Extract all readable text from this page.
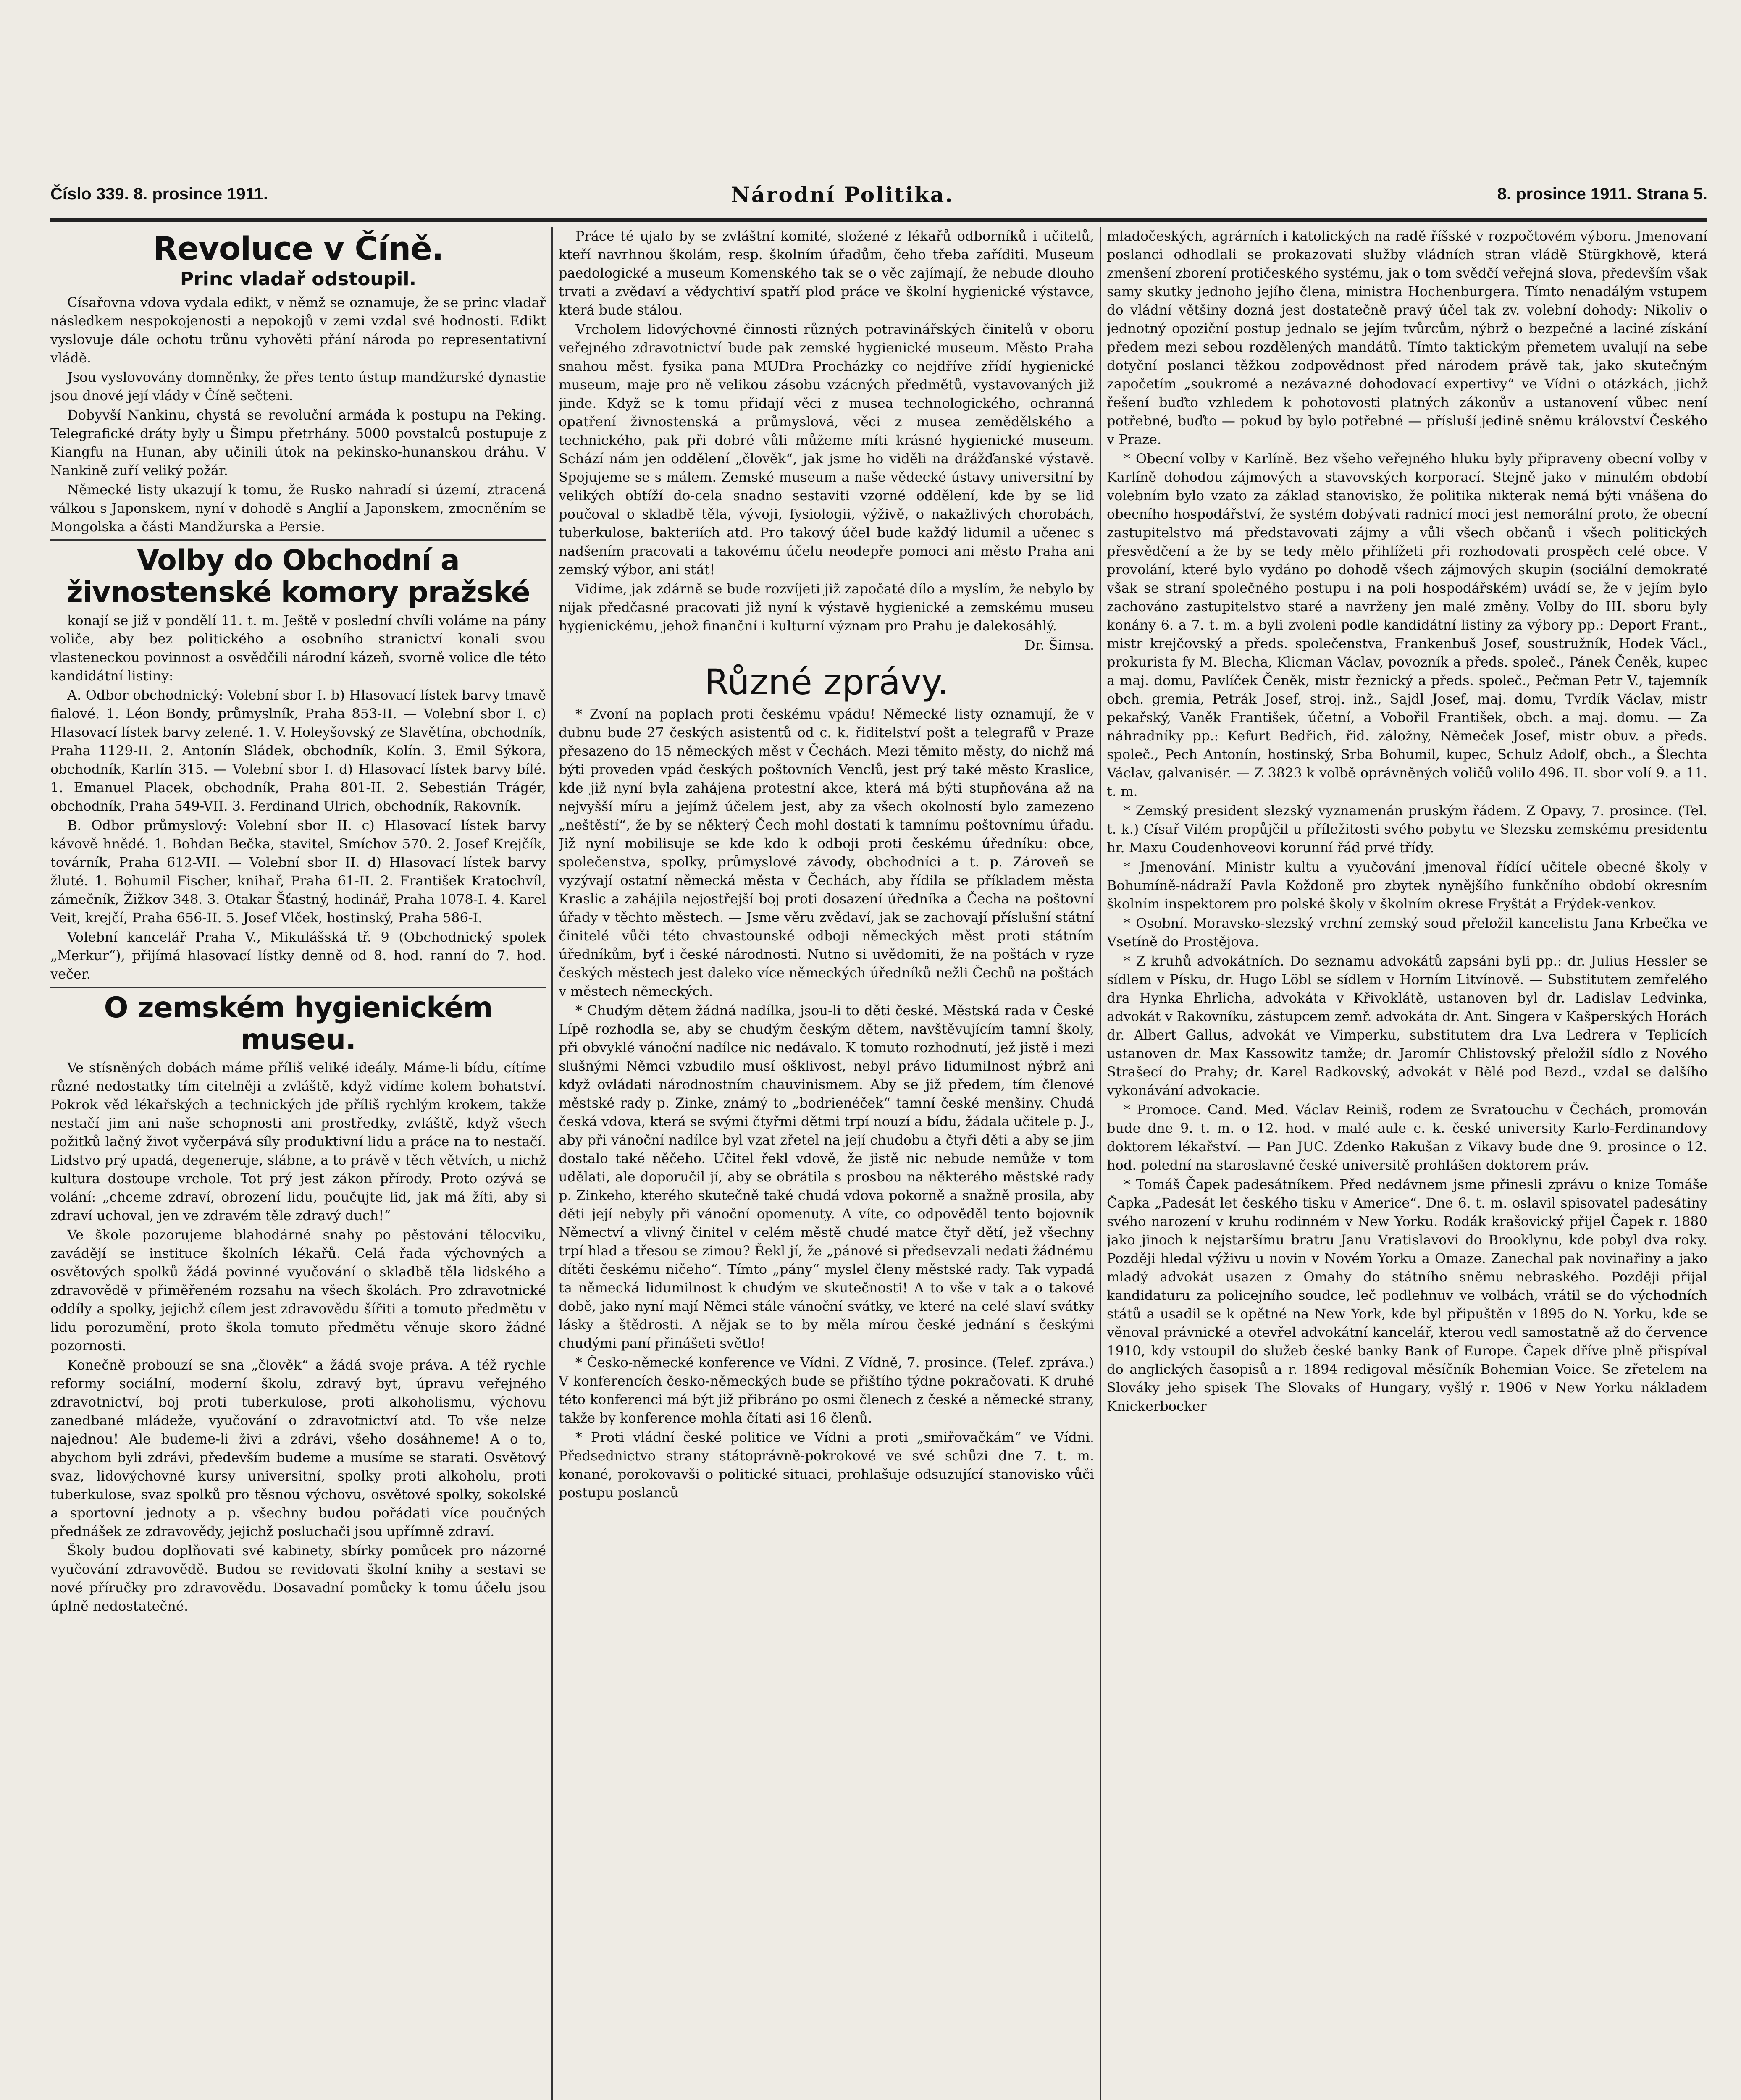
Číslo 339. 8. prosince 1911.	Národní Politika.	8. prosince 1911. Strana 5.
Revoluce v Číně.
Princ vladař odstoupil.

Císařovna vdova vydala edikt, v němž se oznamuje, že se princ vladař následkem nespokojenosti a nepokojů v zemi vzdal své hodnosti. Edikt vyslovuje dále ochotu trůnu vyhověti přání národa po representativní vládě.

Jsou vyslovovány domněnky, že přes tento ústup mandžurské dynastie jsou dnové její vlády v Číně sečteni.

Dobyvší Nankinu, chystá se revoluční armáda k postupu na Peking. Telegrafické dráty byly u Šimpu přetrhány. 5000 povstalců postupuje z Kiangfu na Hunan, aby učinili útok na pekinsko-hunanskou dráhu. V Nankině zuří veliký požár.

Německé listy ukazují k tomu, že Rusko nahradí si území, ztracená válkou s Japonskem, nyní v dohodě s Anglií a Japonskem, zmocněním se Mongolska a části Mandžurska a Persie.

Volby do Obchodní a živnostenské komory pražské

konají se již v pondělí 11. t. m. Ještě v poslední chvíli voláme na pány voliče, aby bez politického a osobního stranictví konali svou vlasteneckou povinnost a osvědčili národní kázeň, svorně volice dle této kandidátní listiny:

A. Odbor obchodnický: Volební sbor I. b) Hlasovací lístek barvy tmavě fialové. 1. Léon Bondy, průmyslník, Praha 853-II. — Volební sbor I. c) Hlasovací lístek barvy zelené. 1. V. Holeyšovský ze Slavětína, obchodník, Praha 1129-II. 2. Antonín Sládek, obchodník, Kolín. 3. Emil Sýkora, obchodník, Karlín 315. — Volební sbor I. d) Hlasovací lístek barvy bílé. 1. Emanuel Placek, obchodník, Praha 801-II. 2. Sebestián Trágér, obchodník, Praha 549-VII. 3. Ferdinand Ulrich, obchodník, Rakovník.

B. Odbor průmyslový: Volební sbor II. c) Hlasovací lístek barvy kávově hnědé. 1. Bohdan Bečka, stavitel, Smíchov 570. 2. Josef Krejčík, továrník, Praha 612-VII. — Volební sbor II. d) Hlasovací lístek barvy žluté. 1. Bohumil Fischer, knihař, Praha 61-II. 2. František Kratochvíl, zámečník, Žižkov 348. 3. Otakar Šťastný, hodinář, Praha 1078-I. 4. Karel Veit, krejčí, Praha 656-II. 5. Josef Vlček, hostinský, Praha 586-I.

Volební kancelář Praha V., Mikulášská tř. 9 (Obchodnický spolek „Merkur“), přijímá hlasovací lístky denně od 8. hod. ranní do 7. hod. večer.

O zemském hygienickém museu.

Ve stísněných dobách máme příliš veliké ideály. Máme-li bídu, cítíme různé nedostatky tím citelněji a zvláště, když vidíme kolem bohatství. Pokrok věd lékařských a technických jde příliš rychlým krokem, takže nestačí jim ani naše schopnosti ani prostředky, zvláště, když všech požitků lačný život vyčerpává síly produktivní lidu a práce na to nestačí. Lidstvo prý upadá, degeneruje, slábne, a to právě v těch větvích, u nichž kultura dostoupe vrchole. Tot prý jest zákon přírody. Proto ozývá se volání: „chceme zdraví, obrození lidu, poučujte lid, jak má žíti, aby si zdraví uchoval, jen ve zdravém těle zdravý duch!“

Ve škole pozorujeme blahodárné snahy po pěstování tělocviku, zavádějí se instituce školních lékařů. Celá řada výchovných a osvětových spolků žádá povinné vyučování o skladbě těla lidského a zdravovědě v přiměřeném rozsahu na všech školách. Pro zdravotnické oddíly a spolky, jejichž cílem jest zdravovědu šířiti a tomuto předmětu v lidu porozumění, proto škola tomuto předmětu věnuje skoro žádné pozornosti.

Konečně probouzí se sna „člověk“ a žádá svoje práva. A též rychle reformy sociální, moderní školu, zdravý byt, úpravu veřejného zdravotnictví, boj proti tuberkulose, proti alkoholismu, výchovu zanedbané mládeže, vyučování o zdravotnictví atd. To vše nelze najednou! Ale budeme-li živi a zdrávi, všeho dosáhneme! A o to, abychom byli zdrávi, především budeme a musíme se starati. Osvětový svaz, lidovýchovné kursy universitní, spolky proti alkoholu, proti tuberkulose, svaz spolků pro těsnou výchovu, osvětové spolky, sokolské a sportovní jednoty a p. všechny budou pořádati více poučných přednášek ze zdravovědy, jejichž posluchači jsou upřímně zdraví.

Školy budou doplňovati své kabinety, sbírky pomůcek pro názorné vyučování zdravovědě. Budou se revidovati školní knihy a sestavi se nové příručky pro zdravovědu. Dosavadní pomůcky k tomu účelu jsou úplně nedostatečné.

Práce té ujalo by se zvláštní komité, složené z lékařů odborníků i učitelů, kteří navrhnou školám, resp. školním úřadům, čeho třeba zaříditi. Museum paedologické a museum Komenského tak se o věc zajímají, že nebude dlouho trvati a zvědaví a vědychtiví spatří plod práce ve školní hygienické výstavce, která bude stálou.

Vrcholem lidovýchovné činnosti různých potravinářských činitelů v oboru veřejného zdravotnictví bude pak zemské hygienické museum. Město Praha snahou měst. fysika pana MUDra Procházky co nejdříve zřídí hygienické museum, maje pro ně velikou zásobu vzácných předmětů, vystavovaných již jinde. Když se k tomu přidají věci z musea technologického, ochranná opatření živnostenská a průmyslová, věci z musea zemědělského a technického, pak při dobré vůli můžeme míti krásné hygienické museum. Schází nám jen oddělení „člověk“, jak jsme ho viděli na drážďanské výstavě. Spojujeme se s málem. Zemské museum a naše vědecké ústavy universitní by velikých obtíží do-cela snadno sestaviti vzorné oddělení, kde by se lid poučoval o skladbě těla, vývoji, fysiologii, výživě, o nakažlivých chorobách, tuberkulose, bakteriích atd. Pro takový účel bude každý lidumil a učenec s nadšením pracovati a takovému účelu neodepře pomoci ani město Praha ani zemský výbor, ani stát!

Vidíme, jak zdárně se bude rozvíjeti již započaté dílo a myslím, že nebylo by nijak předčasné pracovati již nyní k výstavě hygienické a zemskému museu hygienickému, jehož finanční i kulturní význam pro Prahu je dalekosáhlý.

Dr. Šimsa.

Různé zprávy.

* Zvoní na poplach proti českému vpádu! Německé listy oznamují, že v dubnu bude 27 českých asistentů od c. k. řiditelství pošt a telegrafů v Praze přesazeno do 15 německých měst v Čechách. Mezi těmito městy, do nichž má býti proveden vpád českých poštovních Venclů, jest prý také město Kraslice, kde již nyní byla zahájena protestní akce, která má býti stupňována až na nejvyšší míru a jejímž účelem jest, aby za všech okolností bylo zamezeno „neštěstí“, že by se některý Čech mohl dostati k tamnímu poštovnímu úřadu. Již nyní mobilisuje se kde kdo k odboji proti českému úředníku: obce, společenstva, spolky, průmyslové závody, obchodníci a t. p. Zároveň se vyzývají ostatní německá města v Čechách, aby řídila se příkladem města Kraslic a zahájila nejostřejší boj proti dosazení úředníka a Čecha na poštovní úřady v těchto městech. — Jsme věru zvědaví, jak se zachovají příslušní státní činitelé vůči této chvastounské odboji německých měst proti státním úředníkům, byť i české národnosti. Nutno si uvědomiti, že na poštách v ryze českých městech jest daleko více německých úředníků nežli Čechů na poštách v městech německých.

* Chudým dětem žádná nadílka, jsou-li to děti české. Městská rada v České Lípě rozhodla se, aby se chudým českým dětem, navštěvujícím tamní školy, při obvyklé vánoční nadílce nic nedávalo. K tomuto rozhodnutí, jež jistě i mezi slušnými Němci vzbudilo musí ošklivost, nebyl právo lidumilnost nýbrž ani když ovládati národnostním chauvinismem. Aby se již předem, tím členové městské rady p. Zinke, známý to „bodrienéček“ tamní české menšiny. Chudá česká vdova, která se svými čtyřmi dětmi trpí nouzí a bídu, žádala učitele p. J., aby při vánoční nadílce byl vzat zřetel na její chudobu a čtyři děti a aby se jim dostalo také něčeho. Učitel řekl vdově, že jistě nic nebude nemůže v tom udělati, ale doporučil jí, aby se obrátila s prosbou na některého městské rady p. Zinkeho, kterého skutečně také chudá vdova pokorně a snažně prosila, aby děti její nebyly při vánoční opomenuty. A víte, co odpověděl tento bojovník Němectví a vlivný činitel v celém městě chudé matce čtyř dětí, jež všechny trpí hlad a třesou se zimou? Řekl jí, že „pánové si předsevzali nedati žádnému dítěti českému ničeho“. Tímto „pány“ myslel členy městské rady. Tak vypadá ta německá lidumilnost k chudým ve skutečnosti! A to vše v tak a o takové době, jako nyní mají Němci stále vánoční svátky, ve které na celé slaví svátky lásky a štědrosti. A nějak se to by měla mírou české jednání s českými chudými paní přinášeti světlo!

* Česko-německé konference ve Vídni. Z Vídně, 7. prosince. (Telef. zpráva.) V konferencích česko-německých bude se přištího týdne pokračovati. K druhé této konferenci má být již přibráno po osmi členech z české a německé strany, takže by konference mohla čítati asi 16 členů.

* Proti vládní české politice ve Vídni a proti „smiřovačkám“ ve Vídni. Předsednictvo strany státoprávně-pokrokové ve své schůzi dne 7. t. m. konané, porokovavši o politické situaci, prohlašuje odsuzující stanovisko vůči postupu poslanců

mladočeských, agrárních i katolických na radě říšské v rozpočtovém výboru. Jmenovaní poslanci odhodlali se prokazovati služby vládních stran vládě Stürgkhově, která zmenšení zborení protičeského systému, jak o tom svědčí veřejná slova, především však samy skutky jednoho jejího člena, ministra Hochenburgera. Tímto nenadálým vstupem do vládní většiny dozná jest dostatečně pravý účel tak zv. volební dohody: Nikoliv o jednotný opoziční postup jednalo se jejím tvůrcům, nýbrž o bezpečné a laciné získání předem mezi sebou rozdělených mandátů. Tímto taktickým přemetem uvalují na sebe dotyční poslanci těžkou zodpovědnost před národem právě tak, jako skutečným započetím „soukromé a nezávazné dohodovací expertivy“ ve Vídni o otázkách, jichž řešení buďto vzhledem k pohotovosti platných zákonův a ustanovení vůbec není potřebné, buďto — pokud by bylo potřebné — přísluší jedině sněmu království Českého v Praze.

* Obecní volby v Karlíně. Bez všeho veřejného hluku byly připraveny obecní volby v Karlíně dohodou zájmových a stavovských korporací. Stejně jako v minulém období volebním bylo vzato za základ stanovisko, že politika nikterak nemá býti vnášena do obecního hospodářství, že systém dobývati radnicí moci jest nemorální proto, že obecní zastupitelstvo má představovati zájmy a vůli všech občanů i všech politických přesvědčení a že by se tedy mělo přihlížeti při rozhodovati prospěch celé obce. V provolání, které bylo vydáno po dohodě všech zájmových skupin (sociální demokraté však se straní společného postupu i na poli hospodářském) uvádí se, že v jejím bylo zachováno zastupitelstvo staré a navrženy jen malé změny. Volby do III. sboru byly konány 6. a 7. t. m. a byli zvoleni podle kandidátní listiny za výbory pp.: Deport Frant., mistr krejčovský a předs. společenstva, Frankenbuš Josef, soustružník, Hodek Václ., prokurista fy M. Blecha, Klicman Václav, povozník a předs. společ., Pánek Čeněk, kupec a maj. domu, Pavlíček Čeněk, mistr řeznický a předs. společ., Pečman Petr V., tajemník obch. gremia, Petrák Josef, stroj. inž., Sajdl Josef, maj. domu, Tvrdík Václav, mistr pekařský, Vaněk František, účetní, a Vobořil František, obch. a maj. domu. — Za náhradníky pp.: Kefurt Bedřich, řid. záložny, Němeček Josef, mistr obuv. a předs. společ., Pech Antonín, hostinský, Srba Bohumil, kupec, Schulz Adolf, obch., a Šlechta Václav, galvanisér. — Z 3823 k volbě oprávněných voličů volilo 496. II. sbor volí 9. a 11. t. m.

* Zemský president slezský vyznamenán pruským řádem. Z Opavy, 7. prosince. (Tel. t. k.) Císař Vilém propůjčil u příležitosti svého pobytu ve Slezsku zemskému presidentu hr. Maxu Coudenhoveovi korunní řád prvé třídy.

* Jmenování. Ministr kultu a vyučování jmenoval řídící učitele obecné školy v Bohumíně-nádraží Pavla Koždoně pro zbytek nynějšího funkčního období okresním školním inspektorem pro polské školy v školním okrese Fryštát a Frýdek-venkov.

* Osobní. Moravsko-slezský vrchní zemský soud přeložil kancelistu Jana Krbečka ve Vsetíně do Prostějova.

* Z kruhů advokátních. Do seznamu advokátů zapsáni byli pp.: dr. Julius Hessler se sídlem v Písku, dr. Hugo Löbl se sídlem v Horním Litvínově. — Substitutem zemřelého dra Hynka Ehrlicha, advokáta v Křivoklátě, ustanoven byl dr. Ladislav Ledvinka, advokát v Rakovníku, zástupcem zemř. advokáta dr. Ant. Singera v Kašperských Horách dr. Albert Gallus, advokát ve Vimperku, substitutem dra Lva Ledrera v Teplicích ustanoven dr. Max Kassowitz tamže; dr. Jaromír Chlistovský přeložil sídlo z Nového Strašecí do Prahy; dr. Karel Radkovský, advokát v Bělé pod Bezd., vzdal se dalšího vykonávání advokacie.

* Promoce. Cand. Med. Václav Reiniš, rodem ze Svratouchu v Čechách, promován bude dne 9. t. m. o 12. hod. v malé aule c. k. české university Karlo-Ferdinandovy doktorem lékařství. — Pan JUC. Zdenko Rakušan z Vikavy bude dne 9. prosince o 12. hod. polední na staroslavné české universitě prohlášen doktorem práv.

* Tomáš Čapek padesátníkem. Před nedávnem jsme přinesli zprávu o knize Tomáše Čapka „Padesát let českého tisku v Americe“. Dne 6. t. m. oslavil spisovatel padesátiny svého narození v kruhu rodinném v New Yorku. Rodák krašovický přijel Čapek r. 1880 jako jinoch k nejstaršímu bratru Janu Vratislavovi do Brooklynu, kde pobyl dva roky. Později hledal výživu u novin v Novém Yorku a Omaze. Zanechal pak novinařiny a jako mladý advokát usazen z Omahy do státního sněmu nebraského. Později přijal kandidaturu za policejního soudce, leč podlehnuv ve volbách, vrátil se do východních států a usadil se k opětné na New York, kde byl připuštěn v 1895 do N. Yorku, kde se věnoval právnické a otevřel advokátní kancelář, kterou vedl samostatně až do července 1910, kdy vstoupil do služeb české banky Bank of Europe. Čapek dříve plně přispíval do anglických časopisů a r. 1894 redigoval měsíčník Bohemian Voice. Se zřetelem na Slováky jeho spisek The Slovaks of Hungary, vyšlý r. 1906 v New Yorku nákladem Knickerbocker
